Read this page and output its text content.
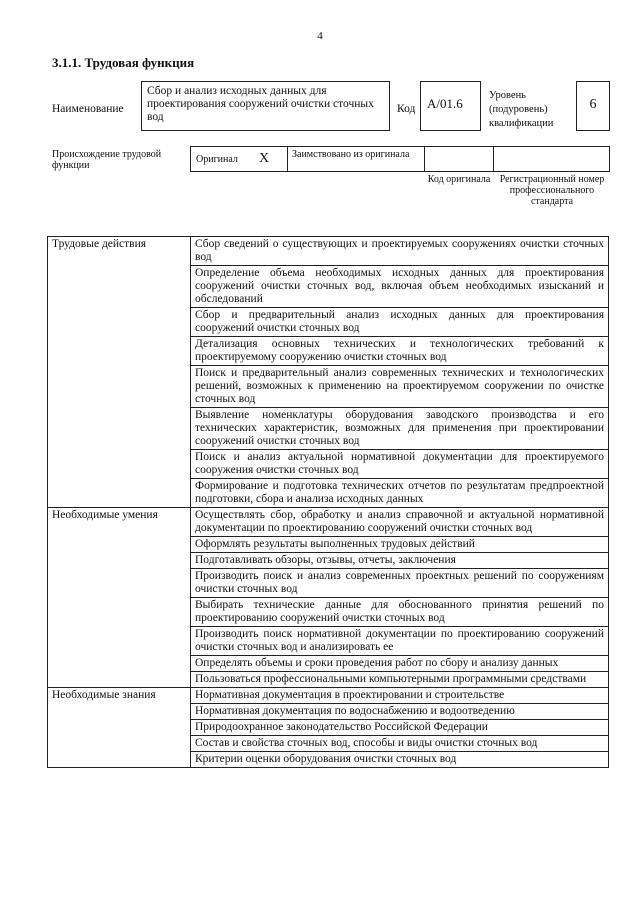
4
3.1.1. Трудовая функция
Наименование
Сбор и анализ исходных данных для проектирования сооружений очистки сточных вод
Код А/01.6
Уровень (подуровень) квалификации
6
Происхождение трудовой функции
Оригинал X Заимствовано из оригинала
Код оригинала Регистрационный номер профессионального стандарта
Трудовые действия	Сбор сведений о существующих и проектируемых сооружениях очистки сточных вод
	Определение объема необходимых исходных данных для проектирования сооружений очистки сточных вод, включая объем необходимых изысканий и обследований
	Сбор и предварительный анализ исходных данных для проектирования сооружений очистки сточных вод
	Детализация основных технических и технологических требований к проектируемому сооружению очистки сточных вод
	Поиск и предварительный анализ современных технических и технологических решений, возможных к применению на проектируемом сооружении по очистке сточных вод
	Выявление номенклатуры оборудования заводского производства и его технических характеристик, возможных для применения при проектировании сооружений очистки сточных вод
	Поиск и анализ актуальной нормативной документации для проектируемого сооружения очистки сточных вод
	Формирование и подготовка технических отчетов по результатам предпроектной подготовки, сбора и анализа исходных данных
Необходимые умения	Осуществлять сбор, обработку и анализ справочной и актуальной нормативной документации по проектированию сооружений очистки сточных вод
	Оформлять результаты выполненных трудовых действий
	Подготавливать обзоры, отзывы, отчеты, заключения
	Производить поиск и анализ современных проектных решений по сооружениям очистки сточных вод
	Выбирать технические данные для обоснованного принятия решений по проектированию сооружений очистки сточных вод
	Производить поиск нормативной документации по проектированию сооружений очистки сточных вод и анализировать ее
	Определять объемы и сроки проведения работ по сбору и анализу данных
	Пользоваться профессиональными компьютерными программными средствами
Необходимые знания	Нормативная документация в проектировании и строительстве
	Нормативная документация по водоснабжению и водоотведению
	Природоохранное законодательство Российской Федерации
	Состав и свойства сточных вод, способы и виды очистки сточных вод
	Критерии оценки оборудования очистки сточных вод
